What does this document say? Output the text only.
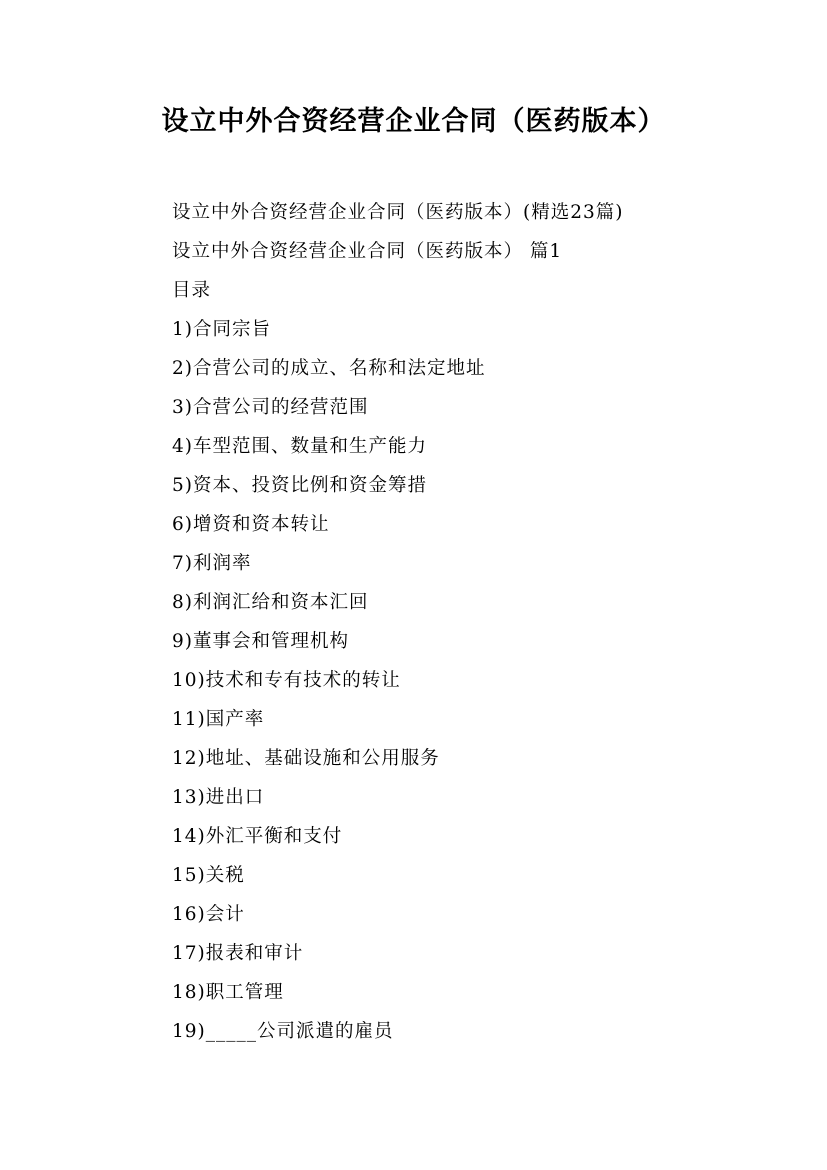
设立中外合资经营企业合同（医药版本）
设立中外合资经营企业合同（医药版本）(精选23篇)
设立中外合资经营企业合同（医药版本） 篇1
目录
1)合同宗旨
2)合营公司的成立、名称和法定地址
3)合营公司的经营范围
4)车型范围、数量和生产能力
5)资本、投资比例和资金筹措
6)增资和资本转让
7)利润率
8)利润汇给和资本汇回
9)董事会和管理机构
10)技术和专有技术的转让
11)国产率
12)地址、基础设施和公用服务
13)进出口
14)外汇平衡和支付
15)关税
16)会计
17)报表和审计
18)职工管理
19)_____公司派遣的雇员
